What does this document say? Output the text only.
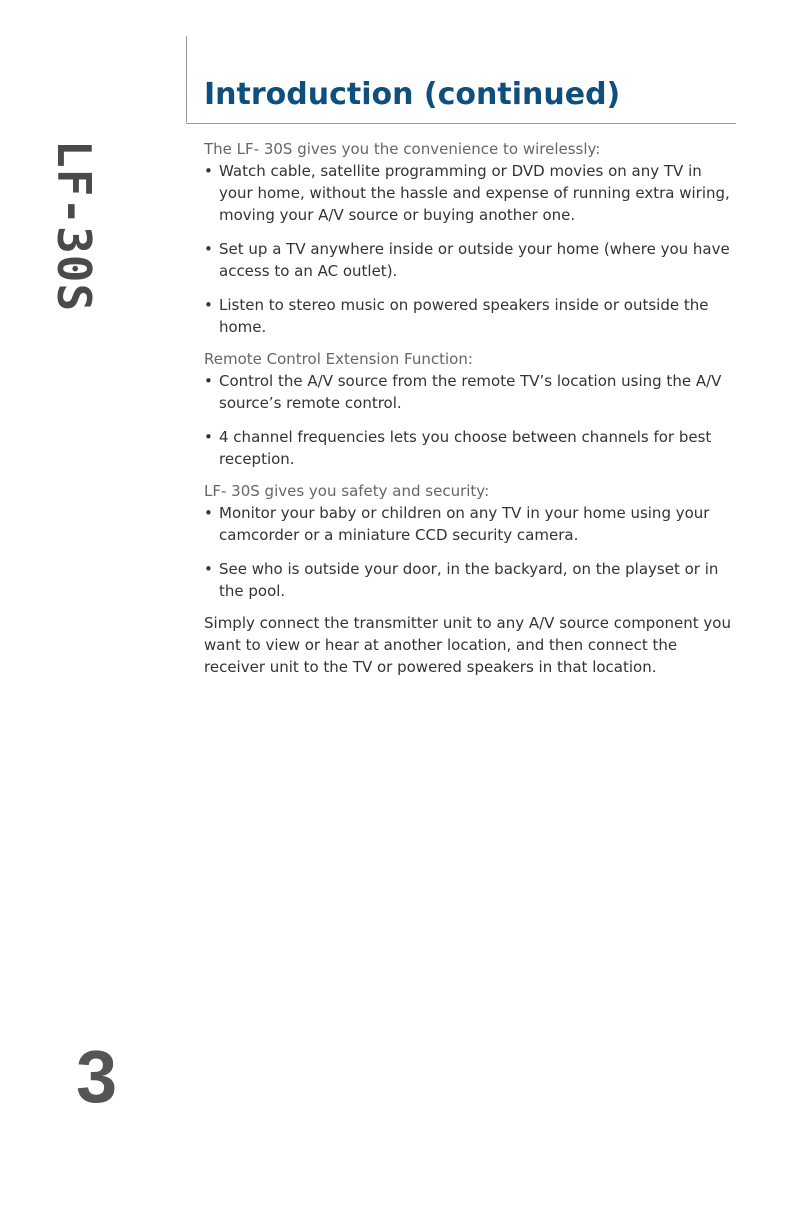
Introduction (continued)
LF-30S	The LF- 30S gives you the convenience to wirelessly:

• Watch cable, satellite programming or DVD movies on any TV in your home, without the hassle and expense of running extra wiring, moving your A/V source or buying another one.
• Set up a TV anywhere inside or outside your home (where you have access to an AC outlet).
• Listen to stereo music on powered speakers inside or outside the home.

Remote Control Extension Function:

• Control the A/V source from the remote TV’s location using the A/V source’s remote control.
• 4 channel frequencies lets you choose between channels for best reception.

LF- 30S gives you safety and security:

• Monitor your baby or children on any TV in your home using your camcorder or a miniature CCD security camera.
• See who is outside your door, in the backyard, on the playset or in the pool.

Simply connect the transmitter unit to any A/V source component you want to view or hear at another location, and then connect the receiver unit to the TV or powered speakers in that location.

3
